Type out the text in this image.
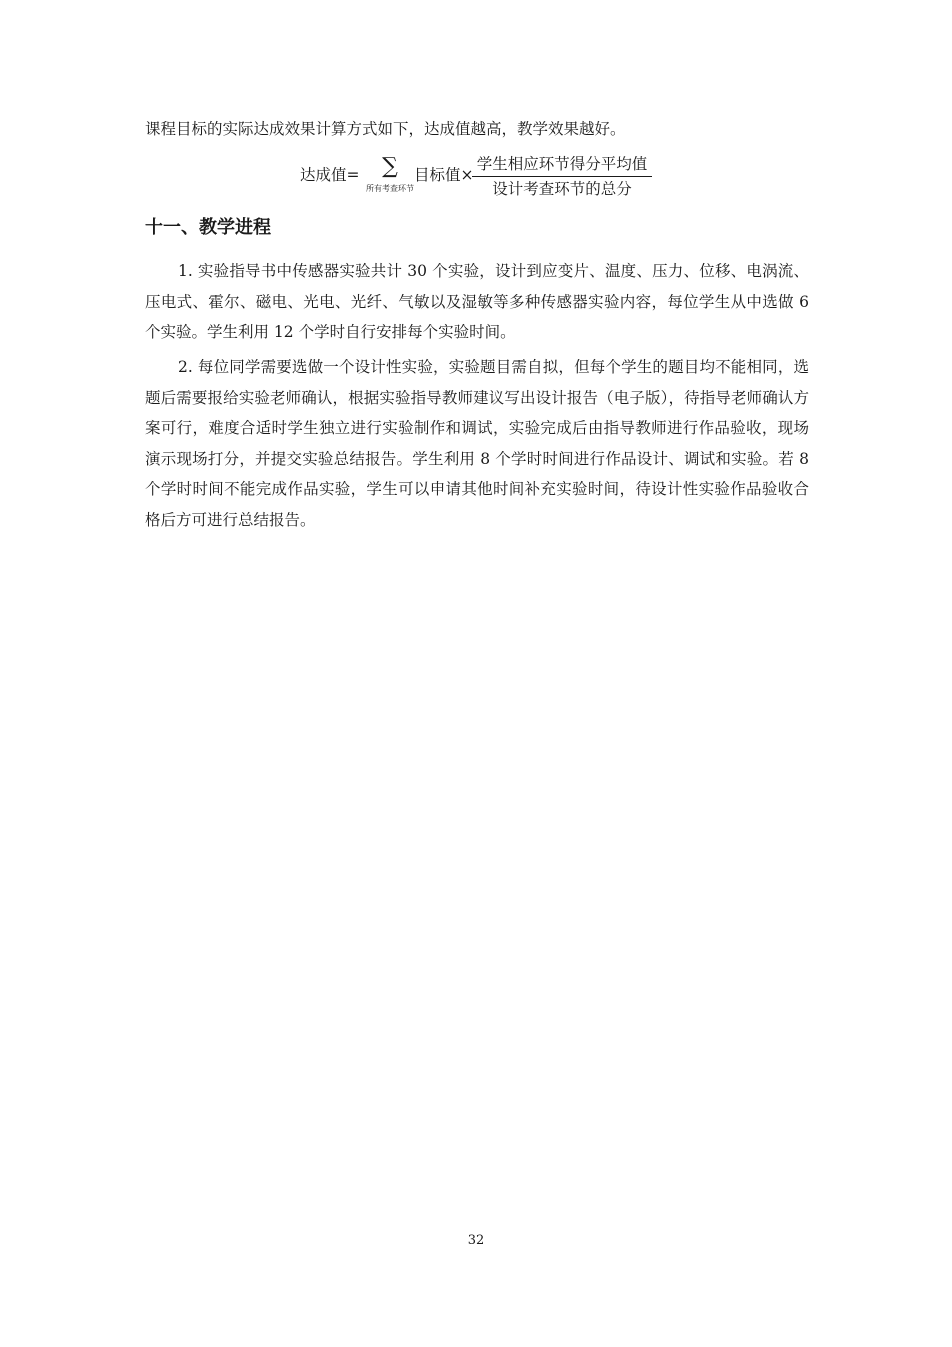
课程目标的实际达成效果计算方式如下，达成值越高，教学效果越好。
达成值=	∑
所有考查环节
目标值×
学生相应环节得分平均值
设计考查环节的总分
十一、教学进程

1. 实验指导书中传感器实验共计 30 个实验，设计到应变片、温度、压力、位移、电涡流、压电式、霍尔、磁电、光电、光纤、气敏以及湿敏等多种传感器实验内容，每位学生从中选做 6 个实验。学生利用 12 个学时自行安排每个实验时间。

2. 每位同学需要选做一个设计性实验，实验题目需自拟，但每个学生的题目均不能相同，选题后需要报给实验老师确认，根据实验指导教师建议写出设计报告（电子版），待指导老师确认方案可行，难度合适时学生独立进行实验制作和调试，实验完成后由指导教师进行作品验收，现场演示现场打分，并提交实验总结报告。学生利用 8 个学时时间进行作品设计、调试和实验。若 8 个学时时间不能完成作品实验，学生可以申请其他时间补充实验时间，待设计性实验作品验收合格后方可进行总结报告。

32
